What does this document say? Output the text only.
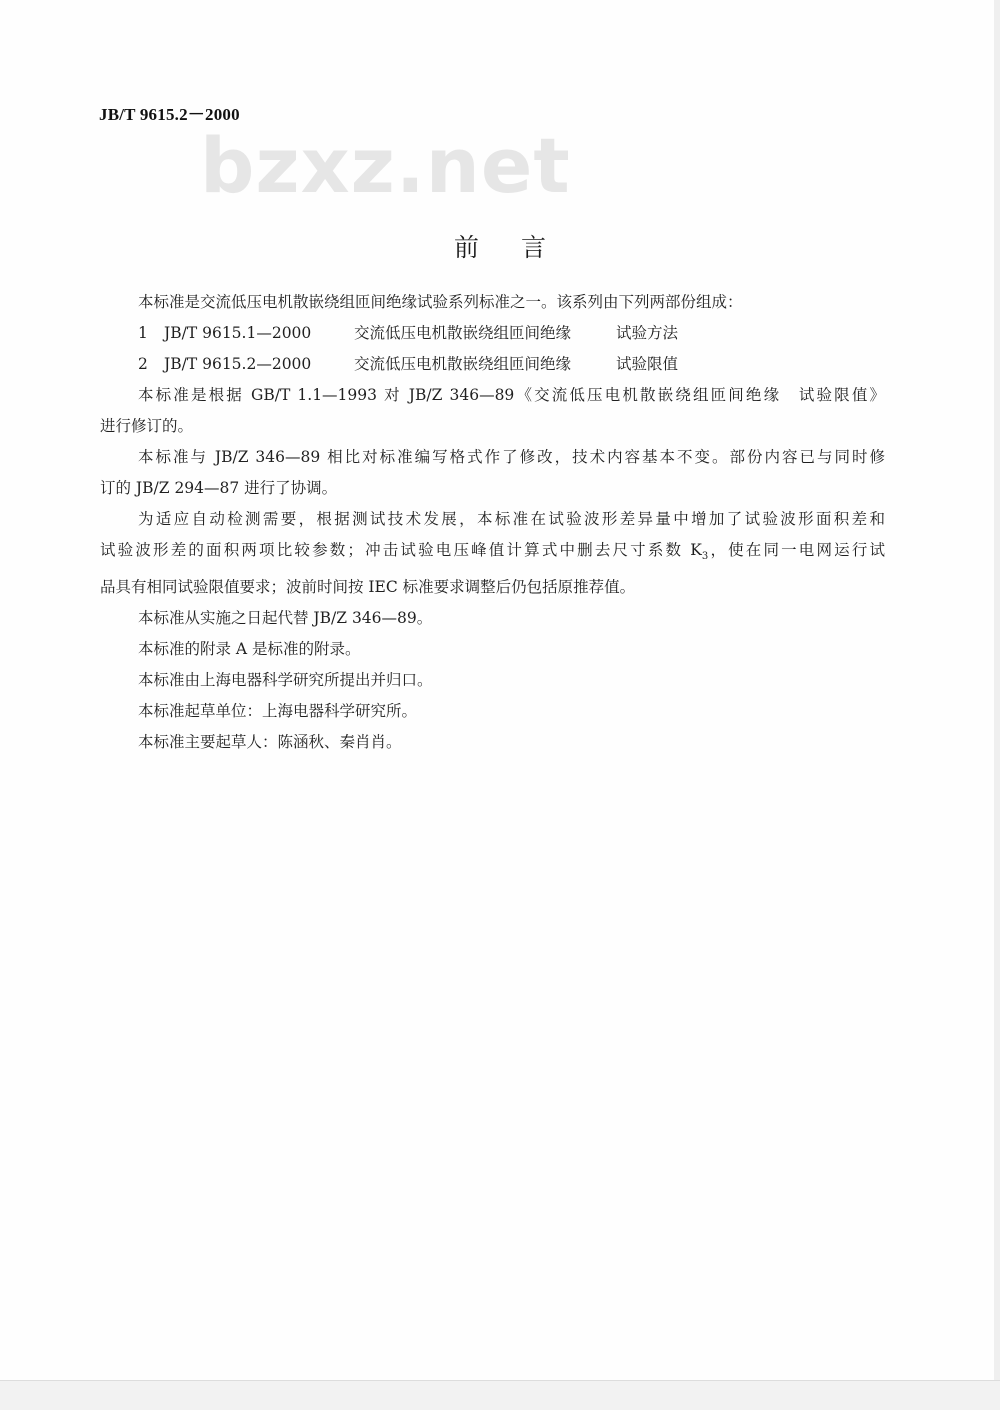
JB/T 9615.2－2000
bzxz.net
前言

本标准是交流低压电机散嵌绕组匝间绝缘试验系列标准之一。该系列由下列两部份组成：

1	JB/T 9615.1—2000	交流低压电机散嵌绕组匝间绝缘	试验方法
2	JB/T 9615.2—2000	交流低压电机散嵌绕组匝间绝缘	试验限值

本标准是根据 GB/T 1.1—1993 对 JB/Z 346—89《交流低压电机散嵌绕组匝间绝缘　试验限值》

进行修订的。

本标准与 JB/Z 346—89 相比对标准编写格式作了修改，技术内容基本不变。部份内容已与同时修

订的 JB/Z 294—87 进行了协调。

为适应自动检测需要，根据测试技术发展，本标准在试验波形差异量中增加了试验波形面积差和

试验波形差的面积两项比较参数；冲击试验电压峰值计算式中删去尺寸系数 $K_3$，使在同一电网运行试

品具有相同试验限值要求；波前时间按 IEC 标准要求调整后仍包括原推荐值。

本标准从实施之日起代替 JB/Z 346—89。

本标准的附录 A 是标准的附录。

本标准由上海电器科学研究所提出并归口。

本标准起草单位：上海电器科学研究所。

本标准主要起草人：陈涵秋、秦肖肖。
